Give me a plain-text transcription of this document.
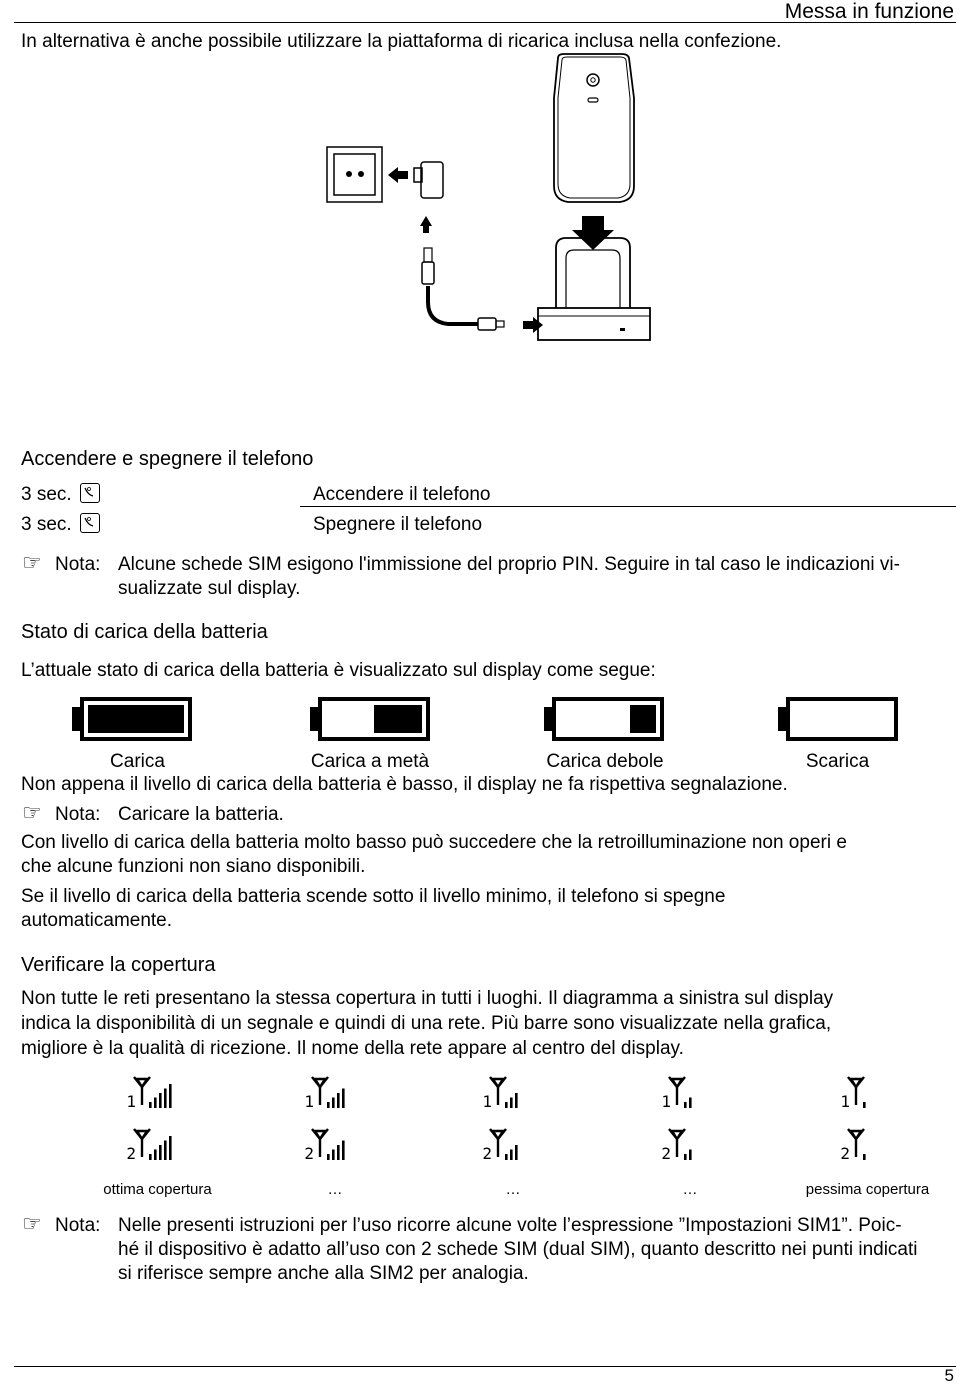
Messa in funzione
In alternativa è anche possibile utilizzare la piattaforma di ricarica inclusa nella confezione.
Accendere e spegnere il telefono
3 sec.	Accendere il telefono
3 sec.	Spegnere il telefono
☞ Nota: Alcune schede SIM esigono l'immissione del proprio PIN. Seguire in tal caso le indicazioni vi-
sualizzate sul display.
Stato di carica della batteria
L’attuale stato di carica della batteria è visualizzato sul display come segue:
Carica	Carica a metà	Carica debole	Scarica
Non appena il livello di carica della batteria è basso, il display ne fa rispettiva segnalazione.
☞ Nota: Caricare la batteria.
Con livello di carica della batteria molto basso può succedere che la retroilluminazione non operi e
che alcune funzioni non siano disponibili.
Se il livello di carica della batteria scende sotto il livello minimo, il telefono si spegne
automaticamente.
Verificare la copertura
Non tutte le reti presentano la stessa copertura in tutti i luoghi. Il diagramma a sinistra sul display
indica la disponibilità di un segnale e quindi di una rete. Più barre sono visualizzate nella grafica,
migliore è la qualità di ricezione. Il nome della rete appare al centro del display.
1
2
1
2
1
2
1
2
1
2
ottima copertura	…	…	…	pessima copertura
☞ Nota: Nelle presenti istruzioni per l’uso ricorre alcune volte l’espressione ”Impostazioni SIM1”. Poic-
hé il dispositivo è adatto all’uso con 2 schede SIM (dual SIM), quanto descritto nei punti indicati
si riferisce sempre anche alla SIM2 per analogia.
5
